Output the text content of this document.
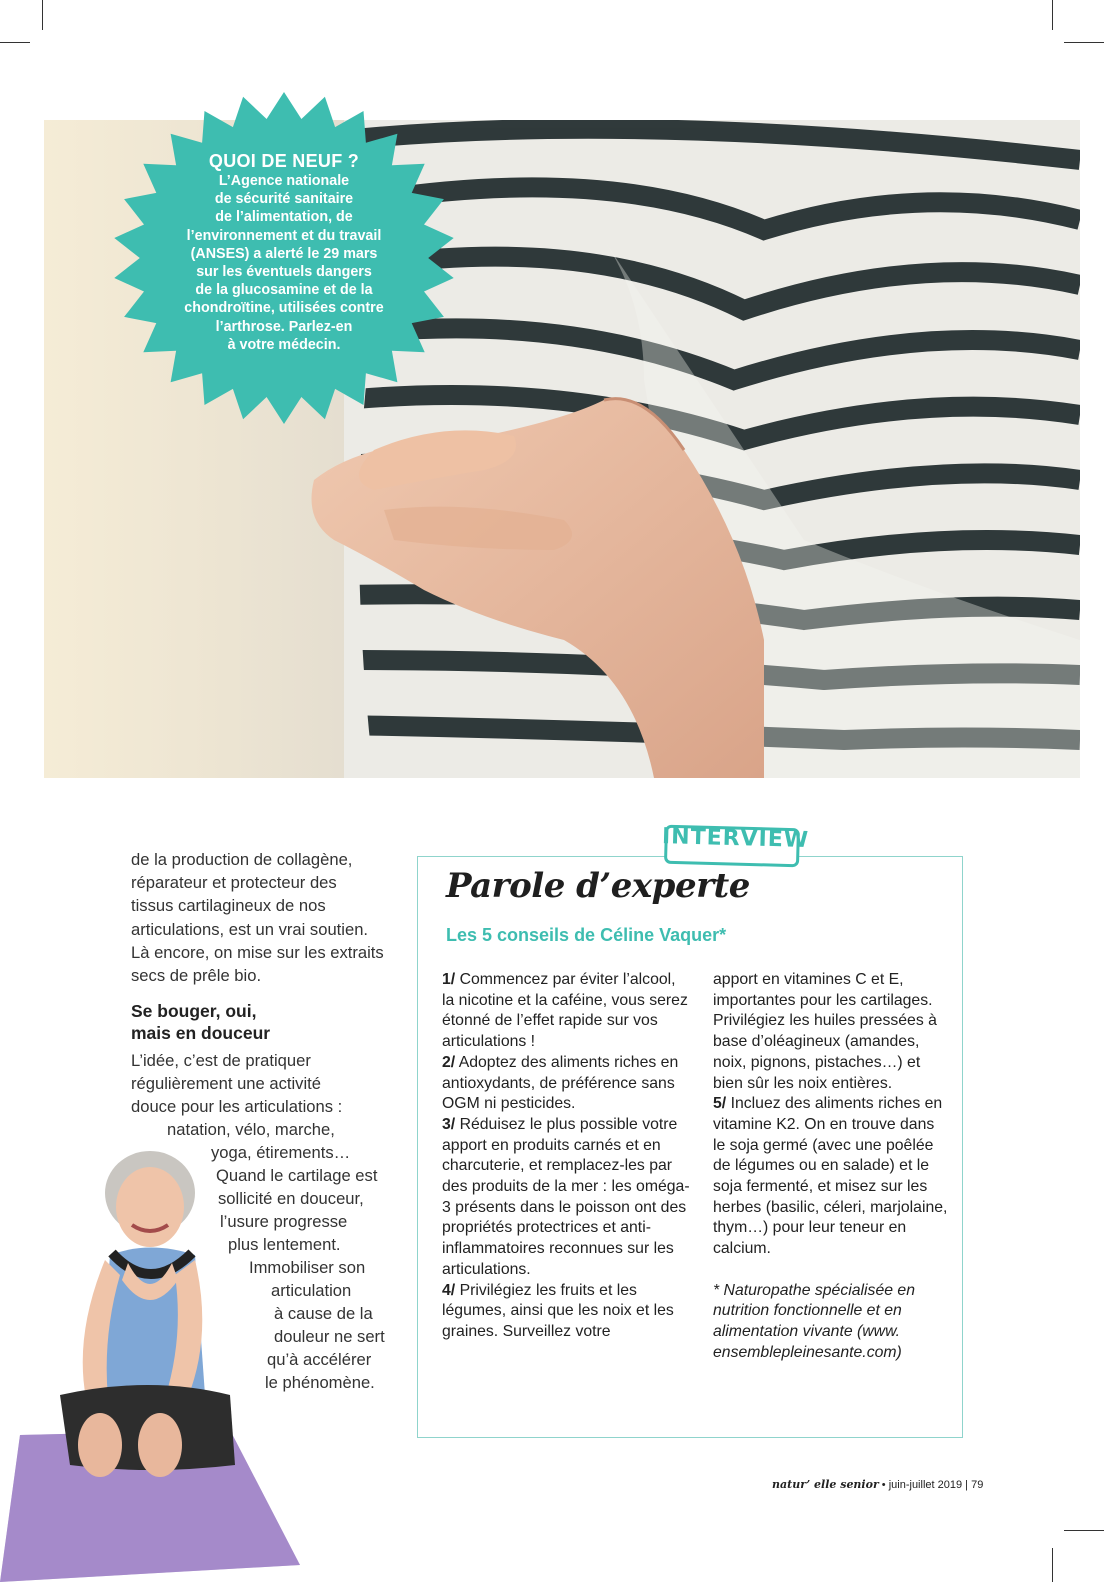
QUOI DE NEUF ?
L’Agence nationale
de sécurité sanitaire
de l’alimentation, de
l’environnement et du travail
(ANSES) a alerté le 29 mars
sur les éventuels dangers
de la glucosamine et de la
chondroïtine, utilisées contre
l’arthrose. Parlez-en
à votre médecin.

de la production de collagène,

réparateur et protecteur des

tissus cartilagineux de nos

articulations, est un vrai soutien.

Là encore, on mise sur les extraits

secs de prêle bio.

Se bouger, oui,
mais en douceur
L’idée, c’est de pratiquer
régulièrement une activité
douce pour les articulations :
natation, vélo, marche,
yoga, étirements…
Quand le cartilage est
sollicité en douceur,
l’usure progresse
plus lentement.
Immobiliser son
articulation
à cause de la
douleur ne sert
qu’à accélérer
le phénomène.
INTERVIEW
Parole d’experte
Les 5 conseils de Céline Vaquer*

1/ Commencez par éviter l’alcool, la nicotine et la caféine, vous serez étonné de l’effet rapide sur vos articulations !

2/ Adoptez des aliments riches en antioxydants, de préférence sans OGM ni pesticides.

3/ Réduisez le plus possible votre apport en produits carnés et en charcuterie, et remplacez-les par des produits de la mer : les oméga-3 présents dans le poisson ont des propriétés protectrices et anti-inflammatoires reconnues sur les articulations.

4/ Privilégiez les fruits et les légumes, ainsi que les noix et les graines. Surveillez votre

apport en vitamines C et E, importantes pour les cartilages. Privilégiez les huiles pressées à base d’oléagineux (amandes, noix, pignons, pistaches…) et bien sûr les noix entières.

5/ Incluez des aliments riches en vitamine K2. On en trouve dans le soja germé (avec une poêlée de légumes ou en salade) et le soja fermenté, et misez sur les herbes (basilic, céleri, marjolaine, thym…) pour leur teneur en calcium.

* Naturopathe spécialisée en nutrition fonctionnelle et en alimentation vivante (www. ensemblepleinesante.com)

natur’ elle senior • juin-juillet 2019 | 79
